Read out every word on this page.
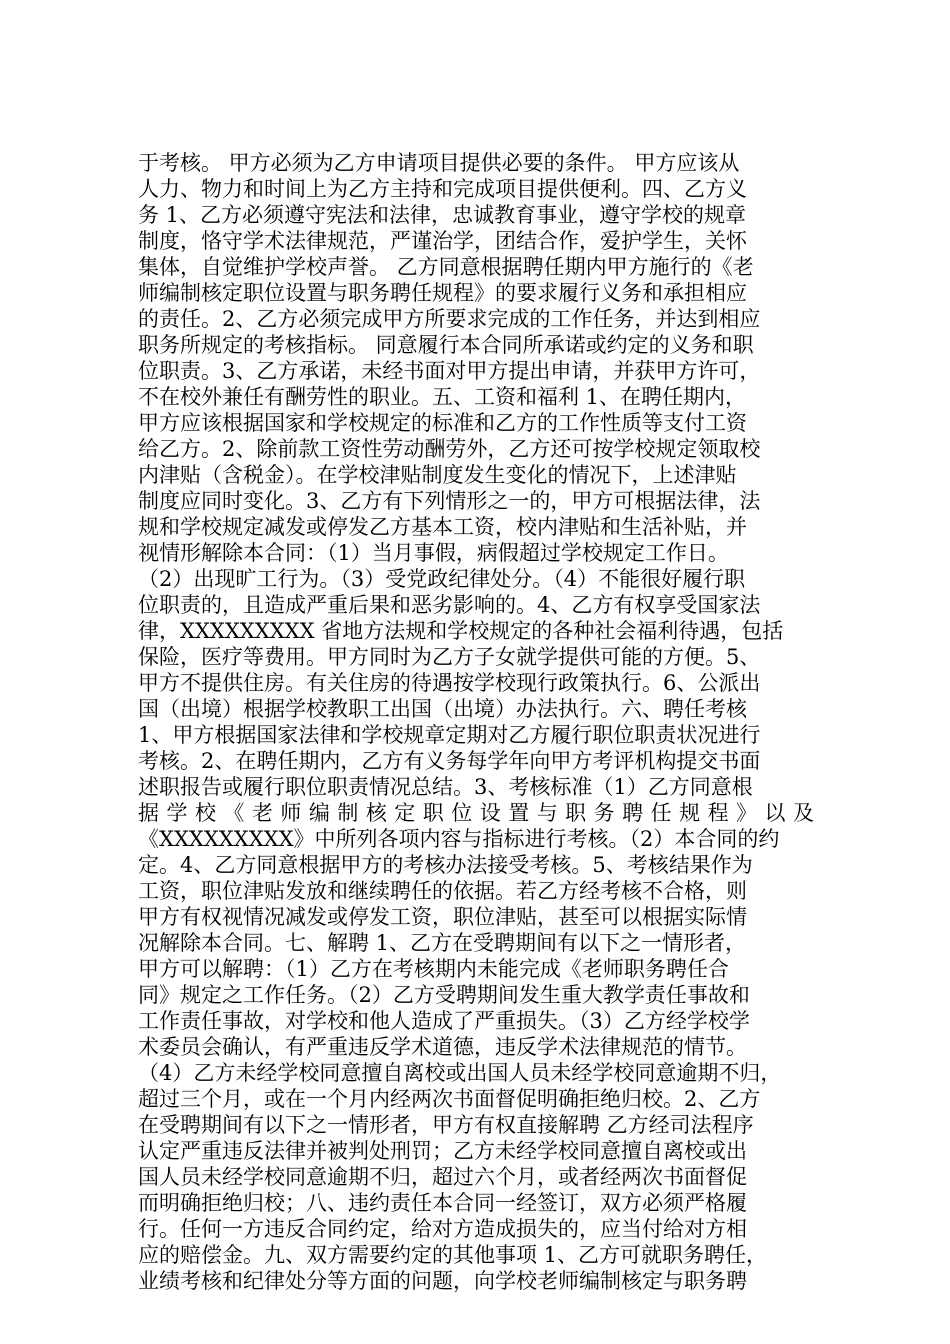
于考核。 甲方必须为乙方申请项目提供必要的条件。 甲方应该从
人力、物力和时间上为乙方主持和完成项目提供便利。四、乙方义
务 1、乙方必须遵守宪法和法律，忠诚教育事业，遵守学校的规章
制度，恪守学术法律规范，严谨治学，团结合作，爱护学生，关怀
集体，自觉维护学校声誉。 乙方同意根据聘任期内甲方施行的《老
师编制核定职位设置与职务聘任规程》的要求履行义务和承担相应
的责任。2、乙方必须完成甲方所要求完成的工作任务，并达到相应
职务所规定的考核指标。 同意履行本合同所承诺或约定的义务和职
位职责。3、乙方承诺，未经书面对甲方提出申请，并获甲方许可，
不在校外兼任有酬劳性的职业。五、工资和福利 1、在聘任期内，
甲方应该根据国家和学校规定的标准和乙方的工作性质等支付工资
给乙方。2、除前款工资性劳动酬劳外，乙方还可按学校规定领取校
内津贴（含税金）。在学校津贴制度发生变化的情况下，上述津贴
制度应同时变化。3、乙方有下列情形之一的，甲方可根据法律，法
规和学校规定减发或停发乙方基本工资，校内津贴和生活补贴，并
视情形解除本合同：（1）当月事假，病假超过学校规定工作日。
（2）出现旷工行为。（3）受党政纪律处分。（4）不能很好履行职
位职责的，且造成严重后果和恶劣影响的。4、乙方有权享受国家法
律，XXXXXXXXX 省地方法规和学校规定的各种社会福利待遇，包括
保险，医疗等费用。甲方同时为乙方子女就学提供可能的方便。5、
甲方不提供住房。有关住房的待遇按学校现行政策执行。6、公派出
国（出境）根据学校教职工出国（出境）办法执行。六、聘任考核
1、甲方根据国家法律和学校规章定期对乙方履行职位职责状况进行
考核。2、在聘任期内，乙方有义务每学年向甲方考评机构提交书面
述职报告或履行职位职责情况总结。3、考核标准（1）乙方同意根
据学校《老师编制核定职位设置与职务聘任规程》以及
《XXXXXXXXX》中所列各项内容与指标进行考核。（2）本合同的约
定。4、乙方同意根据甲方的考核办法接受考核。5、考核结果作为
工资，职位津贴发放和继续聘任的依据。若乙方经考核不合格，则
甲方有权视情况减发或停发工资，职位津贴，甚至可以根据实际情
况解除本合同。七、解聘 1、乙方在受聘期间有以下之一情形者，
甲方可以解聘：（1）乙方在考核期内未能完成《老师职务聘任合
同》规定之工作任务。（2）乙方受聘期间发生重大教学责任事故和
工作责任事故，对学校和他人造成了严重损失。（3）乙方经学校学
术委员会确认，有严重违反学术道德，违反学术法律规范的情节。
（4）乙方未经学校同意擅自离校或出国人员未经学校同意逾期不归，
超过三个月，或在一个月内经两次书面督促明确拒绝归校。2、乙方
在受聘期间有以下之一情形者，甲方有权直接解聘 乙方经司法程序
认定严重违反法律并被判处刑罚；乙方未经学校同意擅自离校或出
国人员未经学校同意逾期不归，超过六个月，或者经两次书面督促
而明确拒绝归校；八、违约责任本合同一经签订，双方必须严格履
行。任何一方违反合同约定，给对方造成损失的，应当付给对方相
应的赔偿金。九、双方需要约定的其他事项 1、乙方可就职务聘任，
业绩考核和纪律处分等方面的问题，向学校老师编制核定与职务聘
